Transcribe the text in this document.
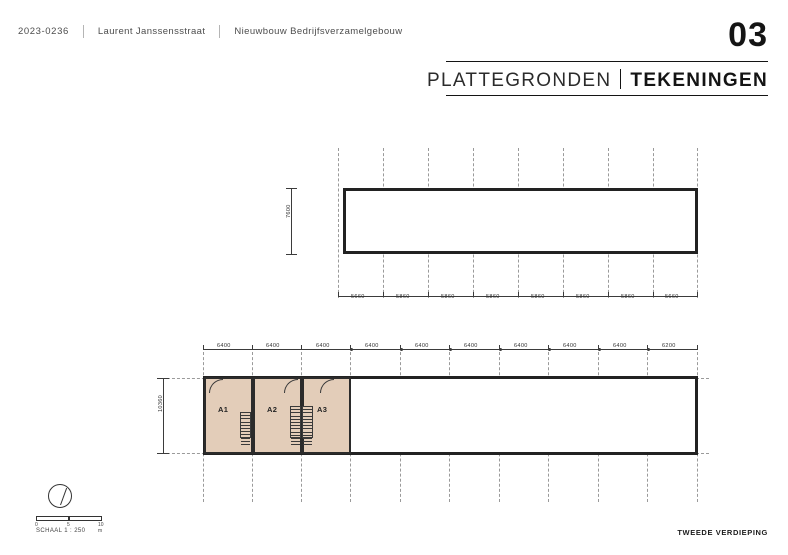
2023-0236	Laurent Janssensstraat	Nieuwbouw Bedrijfsverzamelgebouw	03
PLATTEGRONDEN TEKENINGEN
7600
5660	5860	5860	5860	5860	5860	5860	5660
6400	6400	6400	6400	6400	6400	6400	6400	6400	6200
A1	A2	A3
10360
0	5	10 m
SCHAAL 1 : 250	TWEEDE VERDIEPING
